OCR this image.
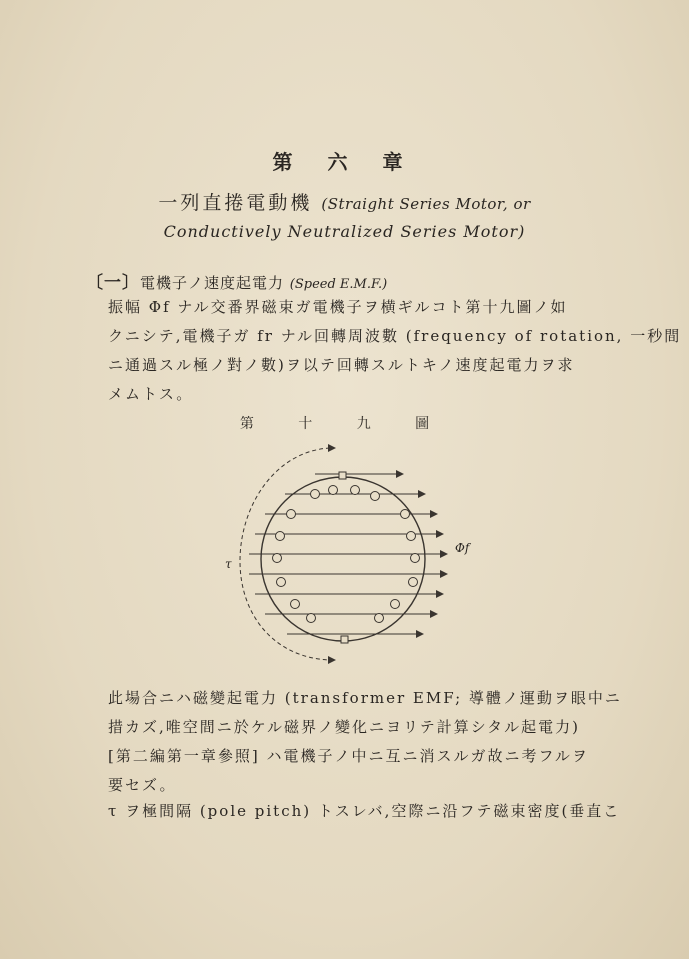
第 六 章
一列直捲電動機 (Straight Series Motor, or
Conductively Neutralized Series Motor)
〔一〕電機子ノ速度起電力 (Speed E.M.F.)
振幅 Φf ナル交番界磁束ガ電機子ヲ横ギルコト第十九圖ノ如
クニシテ,電機子ガ fr ナル回轉周波數 (frequency of rotation, 一秒間
ニ通過スル極ノ對ノ數)ヲ以テ回轉スルトキノ速度起電力ヲ求
メムトス。
第 十 九 圖
Φf
τ
此場合ニハ磁變起電力 (transformer EMF; 導體ノ運動ヲ眼中ニ
措カズ,唯空間ニ於ケル磁界ノ變化ニヨリテ計算シタル起電力)
[第二編第一章參照] ハ電機子ノ中ニ互ニ消スルガ故ニ考フルヲ
要セズ。
τ ヲ極間隔 (pole pitch) トスレバ,空際ニ沿フテ磁束密度(垂直こ
